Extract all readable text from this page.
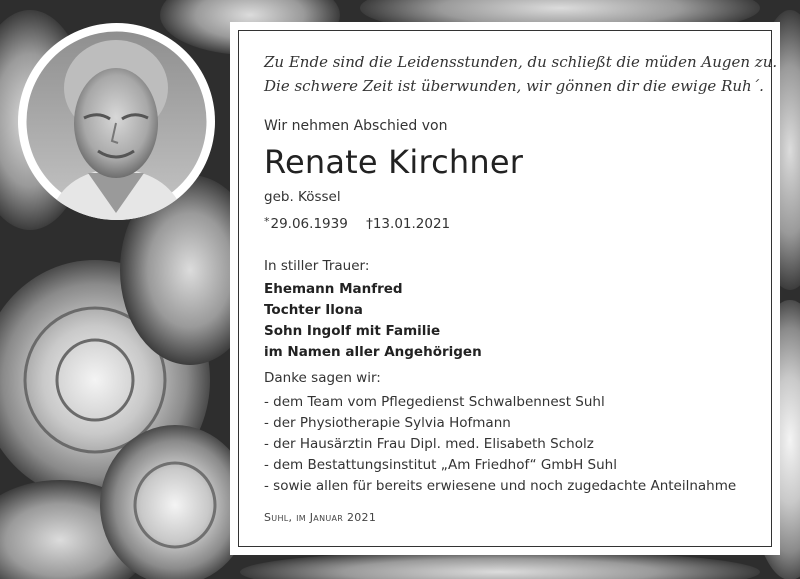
Zu Ende sind die Leidensstunden, du schließt die müden Augen zu.
Die schwere Zeit ist überwunden, wir gönnen dir die ewige Ruh´.
Wir nehmen Abschied von
Renate Kirchner
geb. Kössel
*29.06.1939 †13.01.2021
In stiller Trauer:
Ehemann Manfred
Tochter Ilona
Sohn Ingolf mit Familie
im Namen aller Angehörigen
Danke sagen wir:
- dem Team vom Pflegedienst Schwalbennest Suhl
- der Physiotherapie Sylvia Hofmann
- der Hausärztin Frau Dipl. med. Elisabeth Scholz
- dem Bestattungsinstitut „Am Friedhof“ GmbH Suhl
- sowie allen für bereits erwiesene und noch zugedachte Anteilnahme
Suhl, im Januar 2021
